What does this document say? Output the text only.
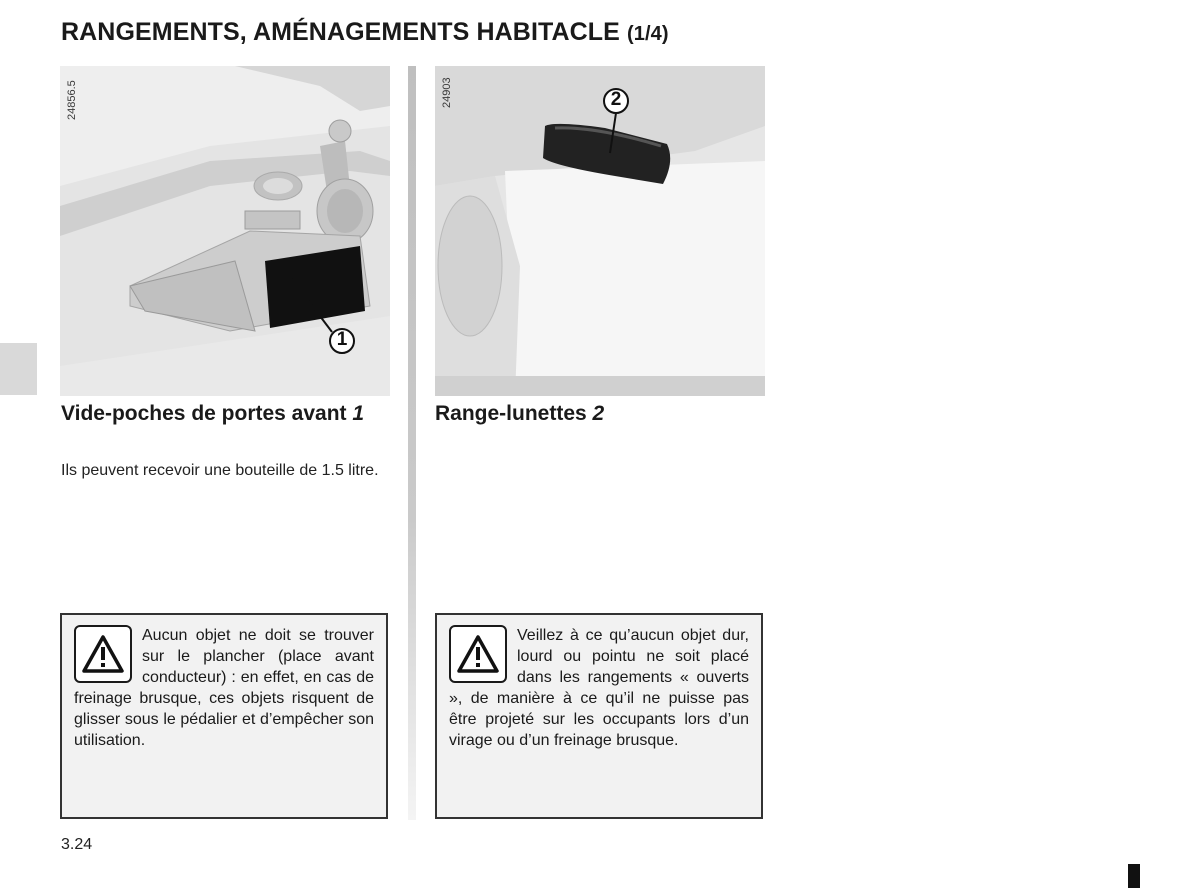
RANGEMENTS, AMÉNAGEMENTS HABITACLE (1/4)
24856.5
1
24903	2
Vide-poches de portes avant 1

Ils peuvent recevoir une bouteille de 1.5 litre.

Range-lunettes 2

Aucun objet ne doit se trouver sur le plancher (place avant conducteur) : en effet, en cas de freinage brusque, ces objets risquent de glisser sous le pédalier et d’empêcher son utilisation.

Veillez à ce qu’aucun objet dur, lourd ou pointu ne soit placé dans les rangements « ouverts », de manière à ce qu’il ne puisse pas être projeté sur les occupants lors d’un virage ou d’un freinage brusque.

3.24
